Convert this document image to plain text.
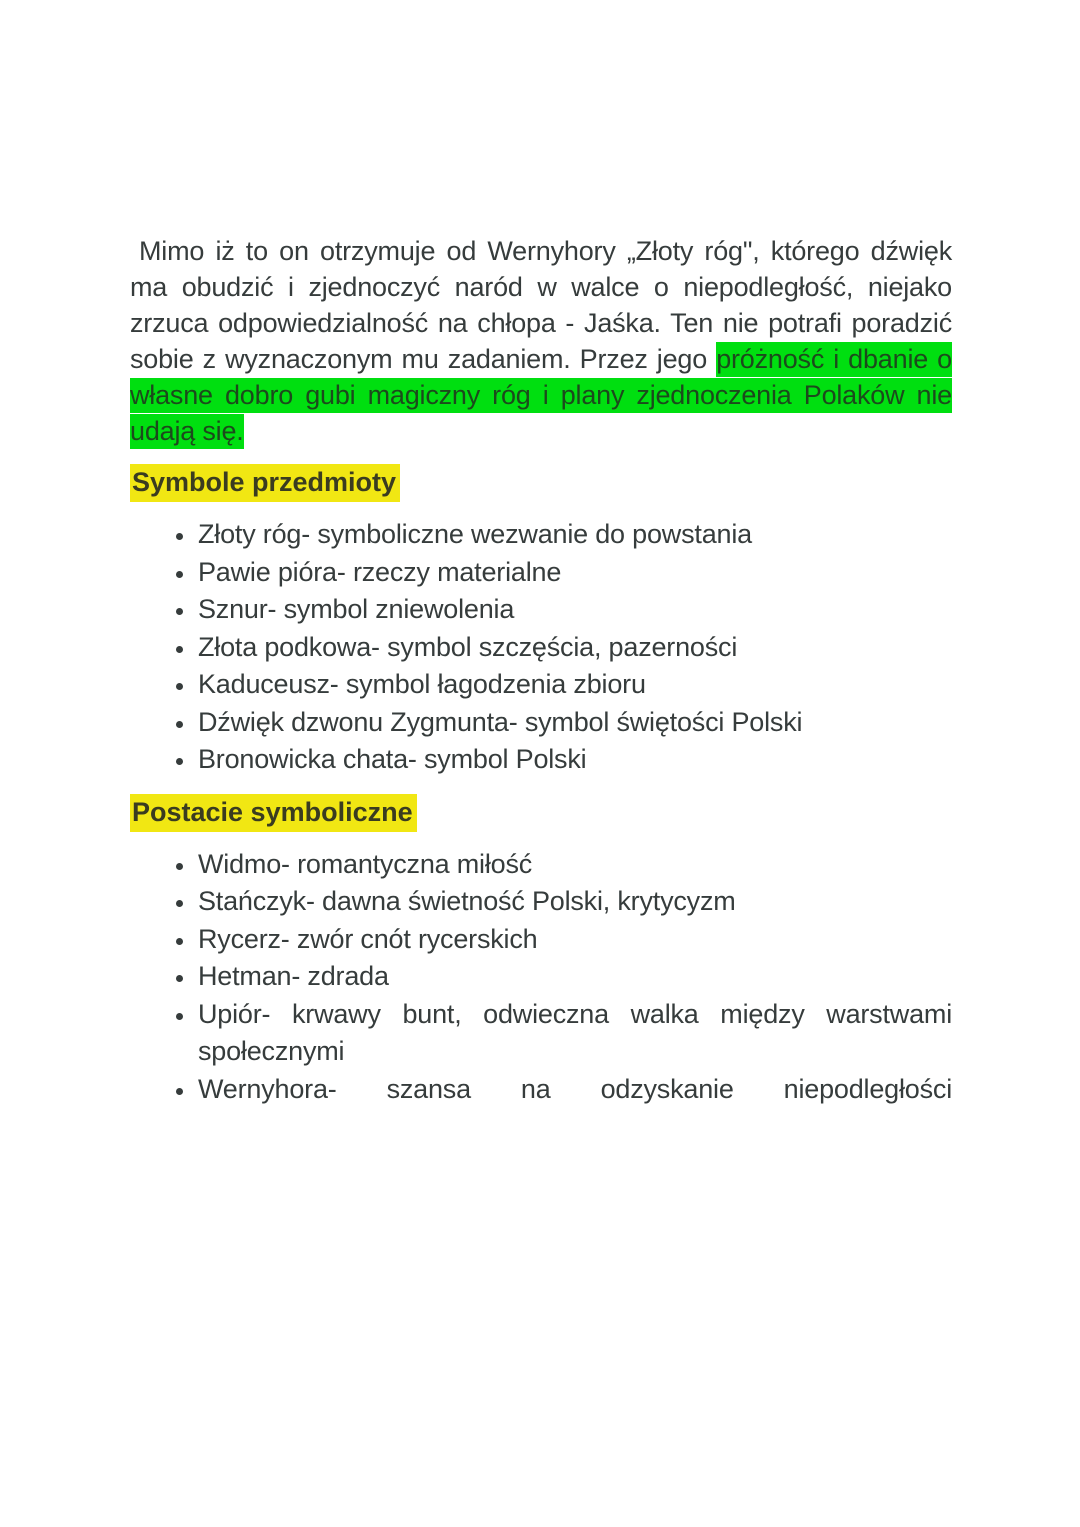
Mimo iż to on otrzymuje od Wernyhory „Złoty róg", którego dźwięk ma obudzić i zjednoczyć naród w walce o niepodległość, niejako zrzuca odpowiedzialność na chłopa - Jaśka. Ten nie potrafi poradzić sobie z wyznaczonym mu zadaniem. Przez jego próżność i dbanie o własne dobro gubi magiczny róg i plany zjednoczenia Polaków nie udają się.

Symbole przedmioty
• Złoty róg- symboliczne wezwanie do powstania
• Pawie pióra- rzeczy materialne
• Sznur- symbol zniewolenia
• Złota podkowa- symbol szczęścia, pazerności
• Kaduceusz- symbol łagodzenia zbioru
• Dźwięk dzwonu Zygmunta- symbol świętości Polski
• Bronowicka chata- symbol Polski
Postacie symboliczne
• Widmo- romantyczna miłość
• Stańczyk- dawna świetność Polski, krytycyzm
• Rycerz- zwór cnót rycerskich
• Hetman- zdrada
• Upiór- krwawy bunt, odwieczna walka między warstwami społecznymi
• Wernyhora- szansa na odzyskanie niepodległości
